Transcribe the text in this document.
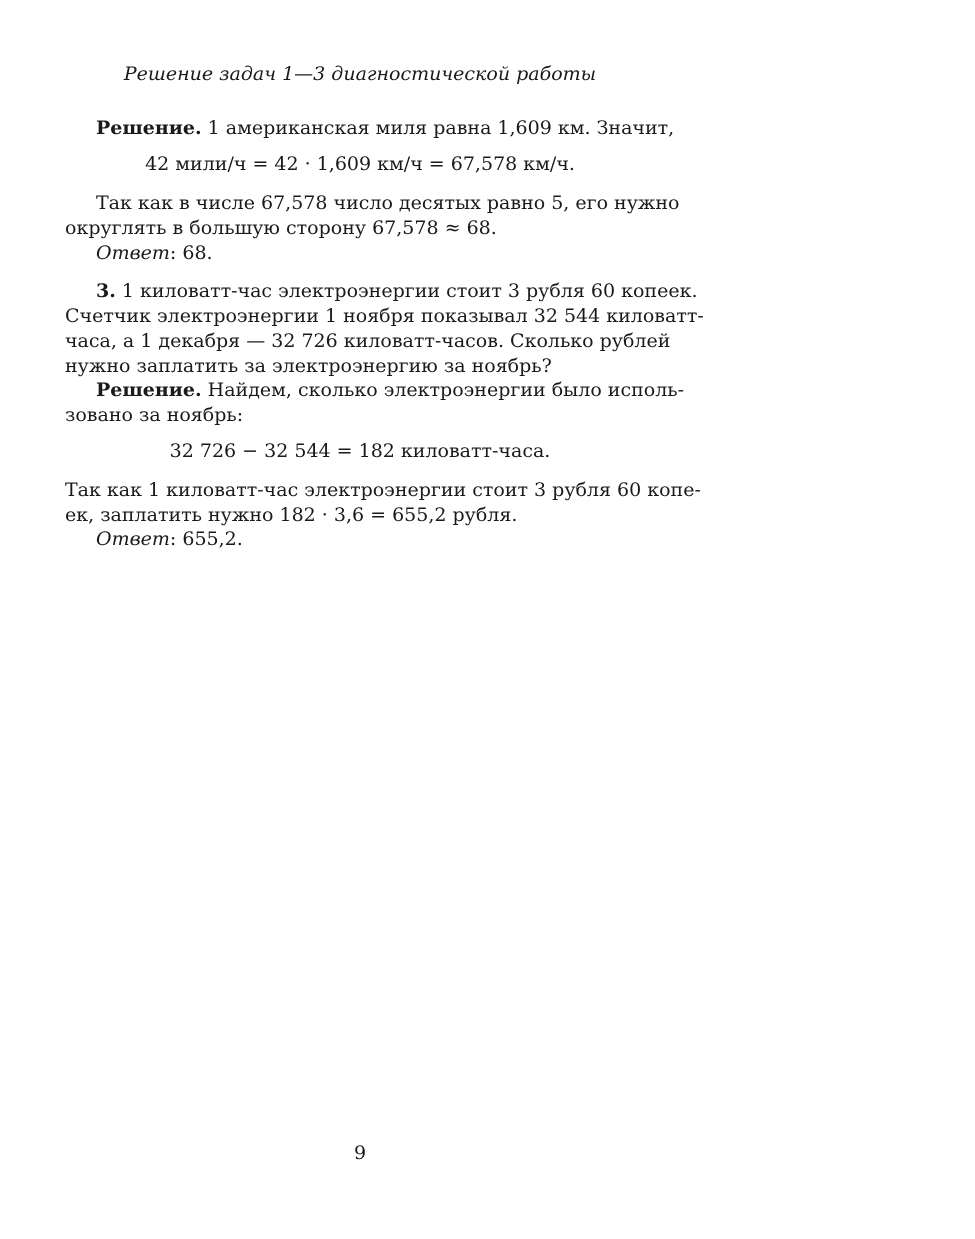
Решение задач 1—3 диагностической работы
Решение. 1 американская миля равна 1,609 км. Значит,
42 мили/ч = 42 · 1,609 км/ч = 67,578 км/ч.
Так как в числе 67,578 число десятых равно 5, его нужно
округлять в большую сторону 67,578 ≈ 68.
Ответ: 68.
3. 1 киловатт-час электроэнергии стоит 3 рубля 60 копеек.
Счетчик электроэнергии 1 ноября показывал 32 544 киловатт-
часа, а 1 декабря — 32 726 киловатт-часов. Сколько рублей
нужно заплатить за электроэнергию за ноябрь?
Решение. Найдем, сколько электроэнергии было исполь-
зовано за ноябрь:
32 726 − 32 544 = 182 киловатт-часа.
Так как 1 киловатт-час электроэнергии стоит 3 рубля 60 копе-
ек, заплатить нужно 182 · 3,6 = 655,2 рубля.
Ответ: 655,2.
9
